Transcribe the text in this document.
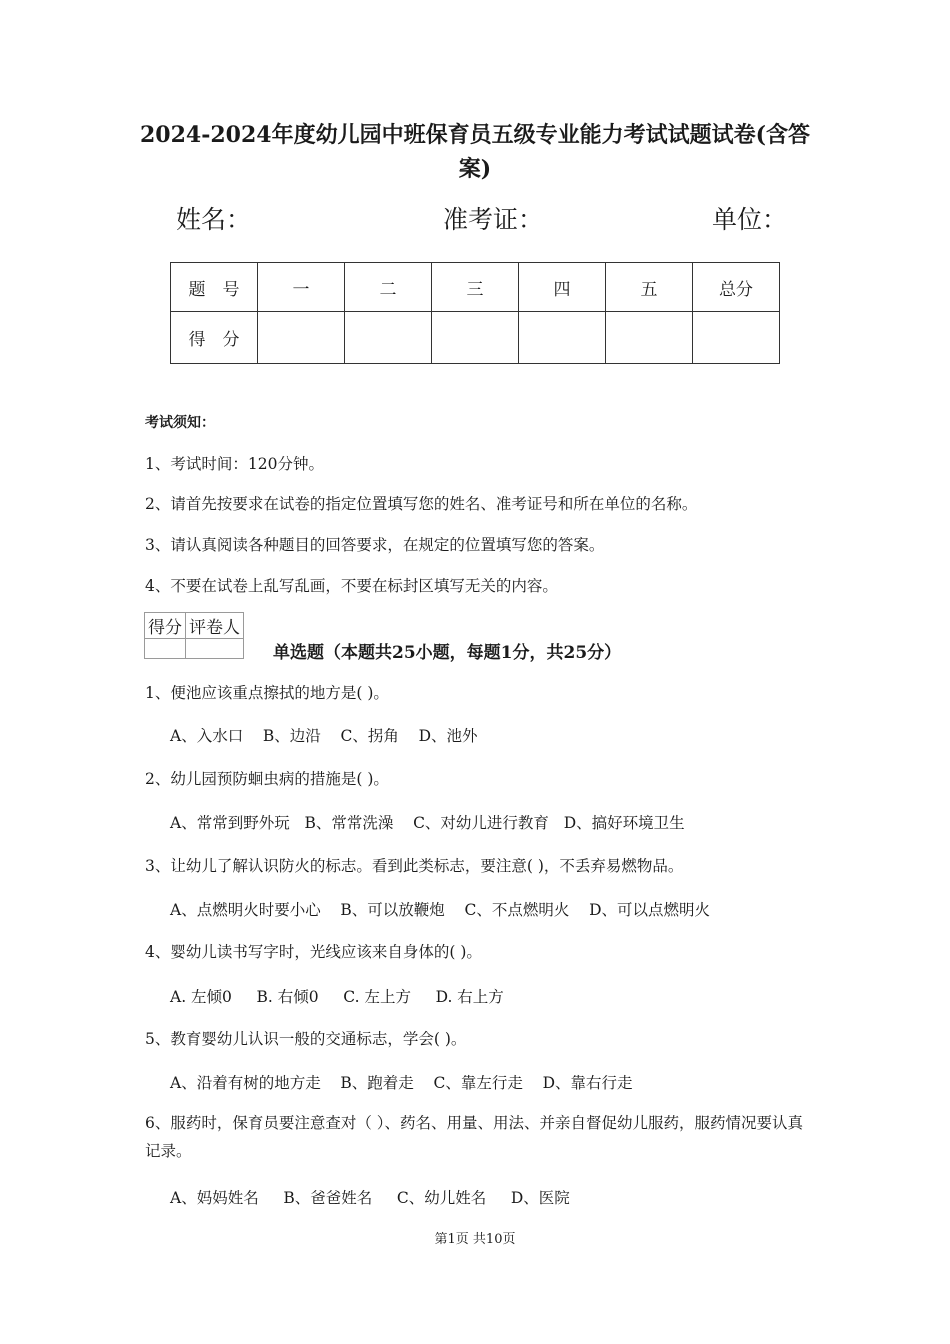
2024-2024年度幼儿园中班保育员五级专业能力考试试题试卷(含答案)
姓名：	准考证：	单位：
题　号	一	二	三	四	五	总分
得　分						
考试须知：
1、考试时间：120分钟。
2、请首先按要求在试卷的指定位置填写您的姓名、准考证号和所在单位的名称。
3、请认真阅读各种题目的回答要求，在规定的位置填写您的答案。
4、不要在试卷上乱写乱画，不要在标封区填写无关的内容。
得分	评卷人

单选题（本题共25小题，每题1分，共25分）
1、便池应该重点擦拭的地方是( )。
A、入水口    B、边沿    C、拐角    D、池外
2、幼儿园预防蛔虫病的措施是( )。
A、常常到野外玩   B、常常洗澡    C、对幼儿进行教育   D、搞好环境卫生
3、让幼儿了解认识防火的标志。看到此类标志，要注意( )，不丢弃易燃物品。
A、点燃明火时要小心    B、可以放鞭炮    C、不点燃明火    D、可以点燃明火
4、婴幼儿读书写字时，光线应该来自身体的( )。
A. 左倾0     B. 右倾0     C. 左上方     D. 右上方
5、教育婴幼儿认识一般的交通标志，学会( )。
A、沿着有树的地方走    B、跑着走    C、靠左行走    D、靠右行走
6、服药时，保育员要注意查对（ ）、药名、用量、用法、并亲自督促幼儿服药，服药情况要认真记录。
A、妈妈姓名     B、爸爸姓名     C、幼儿姓名     D、医院
第1页 共10页
